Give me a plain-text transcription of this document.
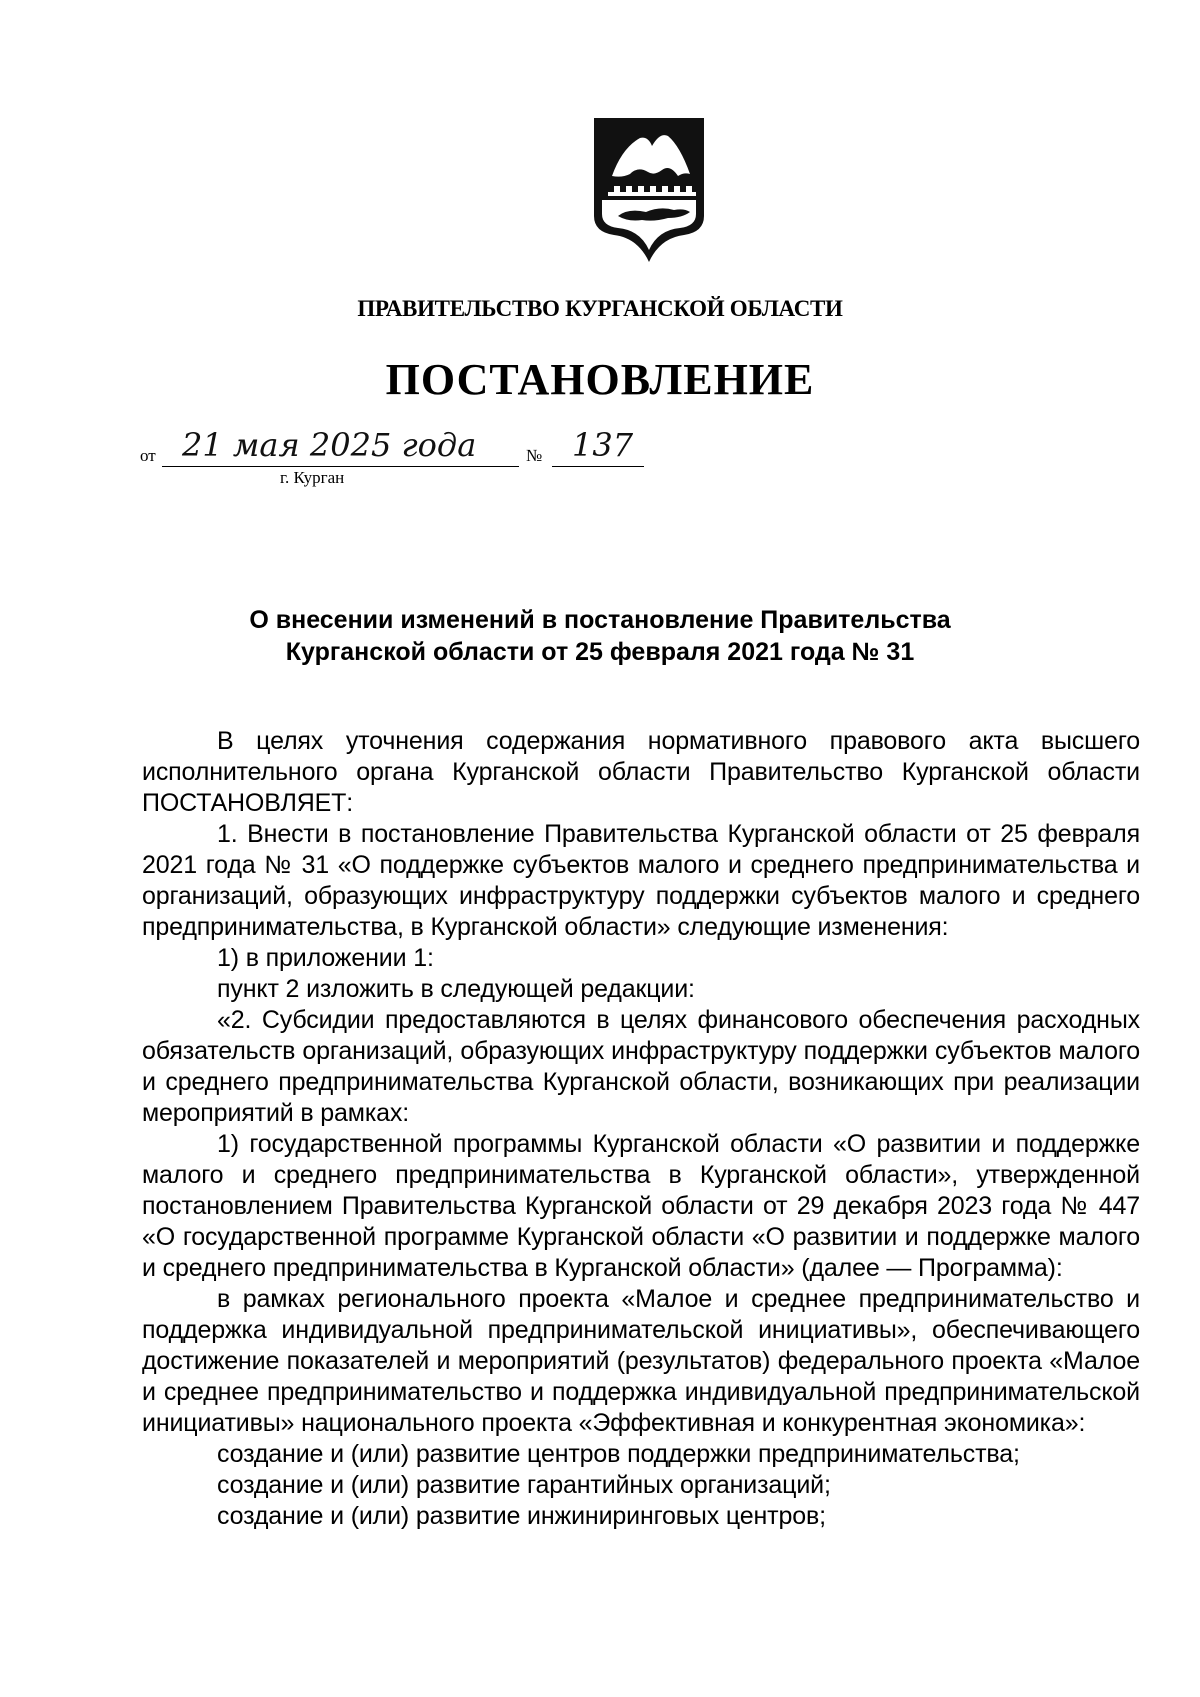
ПРАВИТЕЛЬСТВО КУРГАНСКОЙ ОБЛАСТИ
ПОСТАНОВЛЕНИЕ
от 21 мая 2025 года	№ 137
г. Курган
О внесении изменений в постановление Правительства
Курганской области от 25 февраля 2021 года № 31

В целях уточнения содержания нормативного правового акта высшего исполнительного органа Курганской области Правительство Курганской области ПОСТАНОВЛЯЕТ:

1. Внести в постановление Правительства Курганской области от 25 февраля 2021 года № 31 «О поддержке субъектов малого и среднего предпринимательства и организаций, образующих инфраструктуру поддержки субъектов малого и среднего предпринимательства, в Курганской области» следующие изменения:

1) в приложении 1:

пункт 2 изложить в следующей редакции:

«2. Субсидии предоставляются в целях финансового обеспечения расходных обязательств организаций, образующих инфраструктуру поддержки субъектов малого и среднего предпринимательства Курганской области, возникающих при реализации мероприятий в рамках:

1) государственной программы Курганской области «О развитии и поддержке малого и среднего предпринимательства в Курганской области», утвержденной постановлением Правительства Курганской области от 29 декабря 2023 года № 447 «О государственной программе Курганской области «О развитии и поддержке малого и среднего предпринимательства в Курганской области» (далее — Программа):

в рамках регионального проекта «Малое и среднее предпринимательство и поддержка индивидуальной предпринимательской инициативы», обеспечивающего достижение показателей и мероприятий (результатов) федерального проекта «Малое и среднее предпринимательство и поддержка индивидуальной предпринимательской инициативы» национального проекта «Эффективная и конкурентная экономика»:

создание и (или) развитие центров поддержки предпринимательства;

создание и (или) развитие гарантийных организаций;

создание и (или) развитие инжиниринговых центров;
